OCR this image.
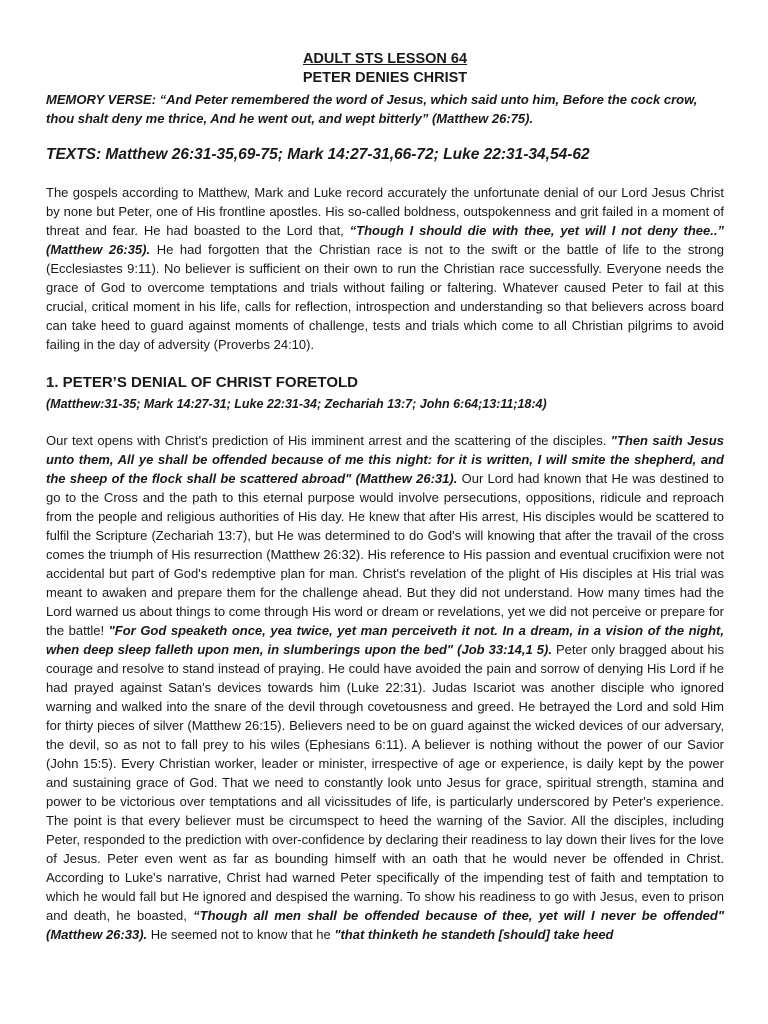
ADULT STS LESSON 64
PETER DENIES CHRIST

MEMORY VERSE: “And Peter remembered the word of Jesus, which said unto him, Before the cock crow, thou shalt deny me thrice, And he went out, and wept bitterly” (Matthew 26:75).

TEXTS: Matthew 26:31-35,69-75; Mark 14:27-31,66-72; Luke 22:31-34,54-62

The gospels according to Matthew, Mark and Luke record accurately the unfortunate denial of our Lord Jesus Christ by none but Peter, one of His frontline apostles. His so-called boldness, outspokenness and grit failed in a moment of threat and fear. He had boasted to the Lord that, “Though I should die with thee, yet will I not deny thee..” (Matthew 26:35). He had forgotten that the Christian race is not to the swift or the battle of life to the strong (Ecclesiastes 9:11). No believer is sufficient on their own to run the Christian race successfully. Everyone needs the grace of God to overcome temptations and trials without failing or faltering. Whatever caused Peter to fail at this crucial, critical moment in his life, calls for reflection, introspection and understanding so that believers across board can take heed to guard against moments of challenge, tests and trials which come to all Christian pilgrims to avoid failing in the day of adversity (Proverbs 24:10).

1. PETER’S DENIAL OF CHRIST FORETOLD

(Matthew:31-35; Mark 14:27-31; Luke 22:31-34; Zechariah 13:7; John 6:64;13:11;18:4)

Our text opens with Christ's prediction of His imminent arrest and the scattering of the disciples. "Then saith Jesus unto them, All ye shall be offended because of me this night: for it is written, I will smite the shepherd, and the sheep of the flock shall be scattered abroad" (Matthew 26:31). Our Lord had known that He was destined to go to the Cross and the path to this eternal purpose would involve persecutions, oppositions, ridicule and reproach from the people and religious authorities of His day. He knew that after His arrest, His disciples would be scattered to fulfil the Scripture (Zechariah 13:7), but He was determined to do God's will knowing that after the travail of the cross comes the triumph of His resurrection (Matthew 26:32). His reference to His passion and eventual crucifixion were not accidental but part of God's redemptive plan for man. Christ's revelation of the plight of His disciples at His trial was meant to awaken and prepare them for the challenge ahead. But they did not understand. How many times had the Lord warned us about things to come through His word or dream or revelations, yet we did not perceive or prepare for the battle! "For God speaketh once, yea twice, yet man perceiveth it not. In a dream, in a vision of the night, when deep sleep falleth upon men, in slumberings upon the bed" (Job 33:14,1 5). Peter only bragged about his courage and resolve to stand instead of praying. He could have avoided the pain and sorrow of denying His Lord if he had prayed against Satan's devices towards him (Luke 22:31). Judas Iscariot was another disciple who ignored warning and walked into the snare of the devil through covetousness and greed. He betrayed the Lord and sold Him for thirty pieces of silver (Matthew 26:15). Believers need to be on guard against the wicked devices of our adversary, the devil, so as not to fall prey to his wiles (Ephesians 6:11). A believer is nothing without the power of our Savior (John 15:5). Every Christian worker, leader or minister, irrespective of age or experience, is daily kept by the power and sustaining grace of God. That we need to constantly look unto Jesus for grace, spiritual strength, stamina and power to be victorious over temptations and all vicissitudes of life, is particularly underscored by Peter's experience. The point is that every believer must be circumspect to heed the warning of the Savior. All the disciples, including Peter, responded to the prediction with over-confidence by declaring their readiness to lay down their lives for the love of Jesus. Peter even went as far as bounding himself with an oath that he would never be offended in Christ. According to Luke's narrative, Christ had warned Peter specifically of the impending test of faith and temptation to which he would fall but He ignored and despised the warning. To show his readiness to go with Jesus, even to prison and death, he boasted, “Though all men shall be offended because of thee, yet will I never be offended" (Matthew 26:33). He seemed not to know that he "that thinketh he standeth [should] take heed
